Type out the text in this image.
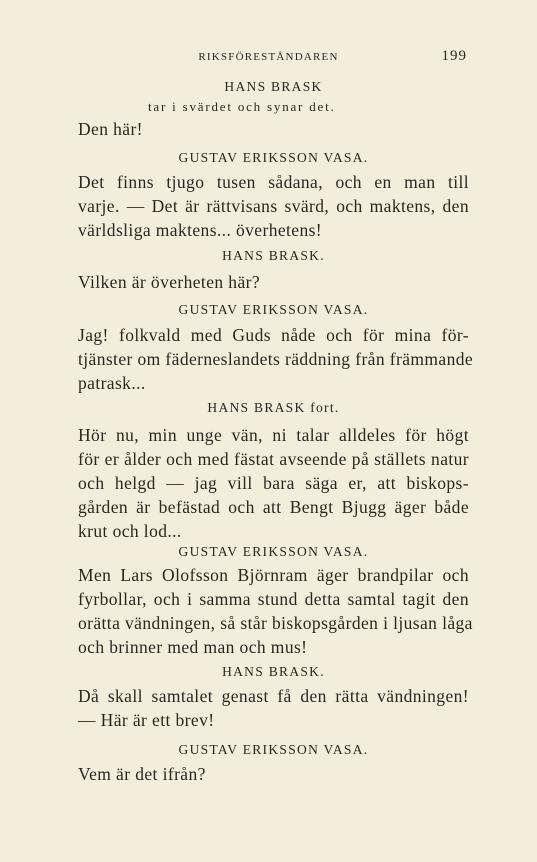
RIKSFÖRESTÅNDAREN	199
HANS BRASK
tar i svärdet och synar det.
Den här!
GUSTAV ERIKSSON VASA.
Det finns tjugo tusen sådana, och en man till
varje. — Det är rättvisans svärd, och maktens, den
världsliga maktens... överhetens!
HANS BRASK.
Vilken är överheten här?
GUSTAV ERIKSSON VASA.
Jag! folkvald med Guds nåde och för mina för-
tjänster om fäderneslandets räddning från främmande
patrask...
HANS BRASK fort.
Hör nu, min unge vän, ni talar alldeles för högt
för er ålder och med fästat avseende på ställets natur
och helgd — jag vill bara säga er, att biskops-
gården är befästad och att Bengt Bjugg äger både
krut och lod...
GUSTAV ERIKSSON VASA.
Men Lars Olofsson Björnram äger brandpilar och
fyrbollar, och i samma stund detta samtal tagit den
orätta vändningen, så står biskopsgården i ljusan låga
och brinner med man och mus!
HANS BRASK.
Då skall samtalet genast få den rätta vändningen!
— Här är ett brev!
GUSTAV ERIKSSON VASA.
Vem är det ifrån?
